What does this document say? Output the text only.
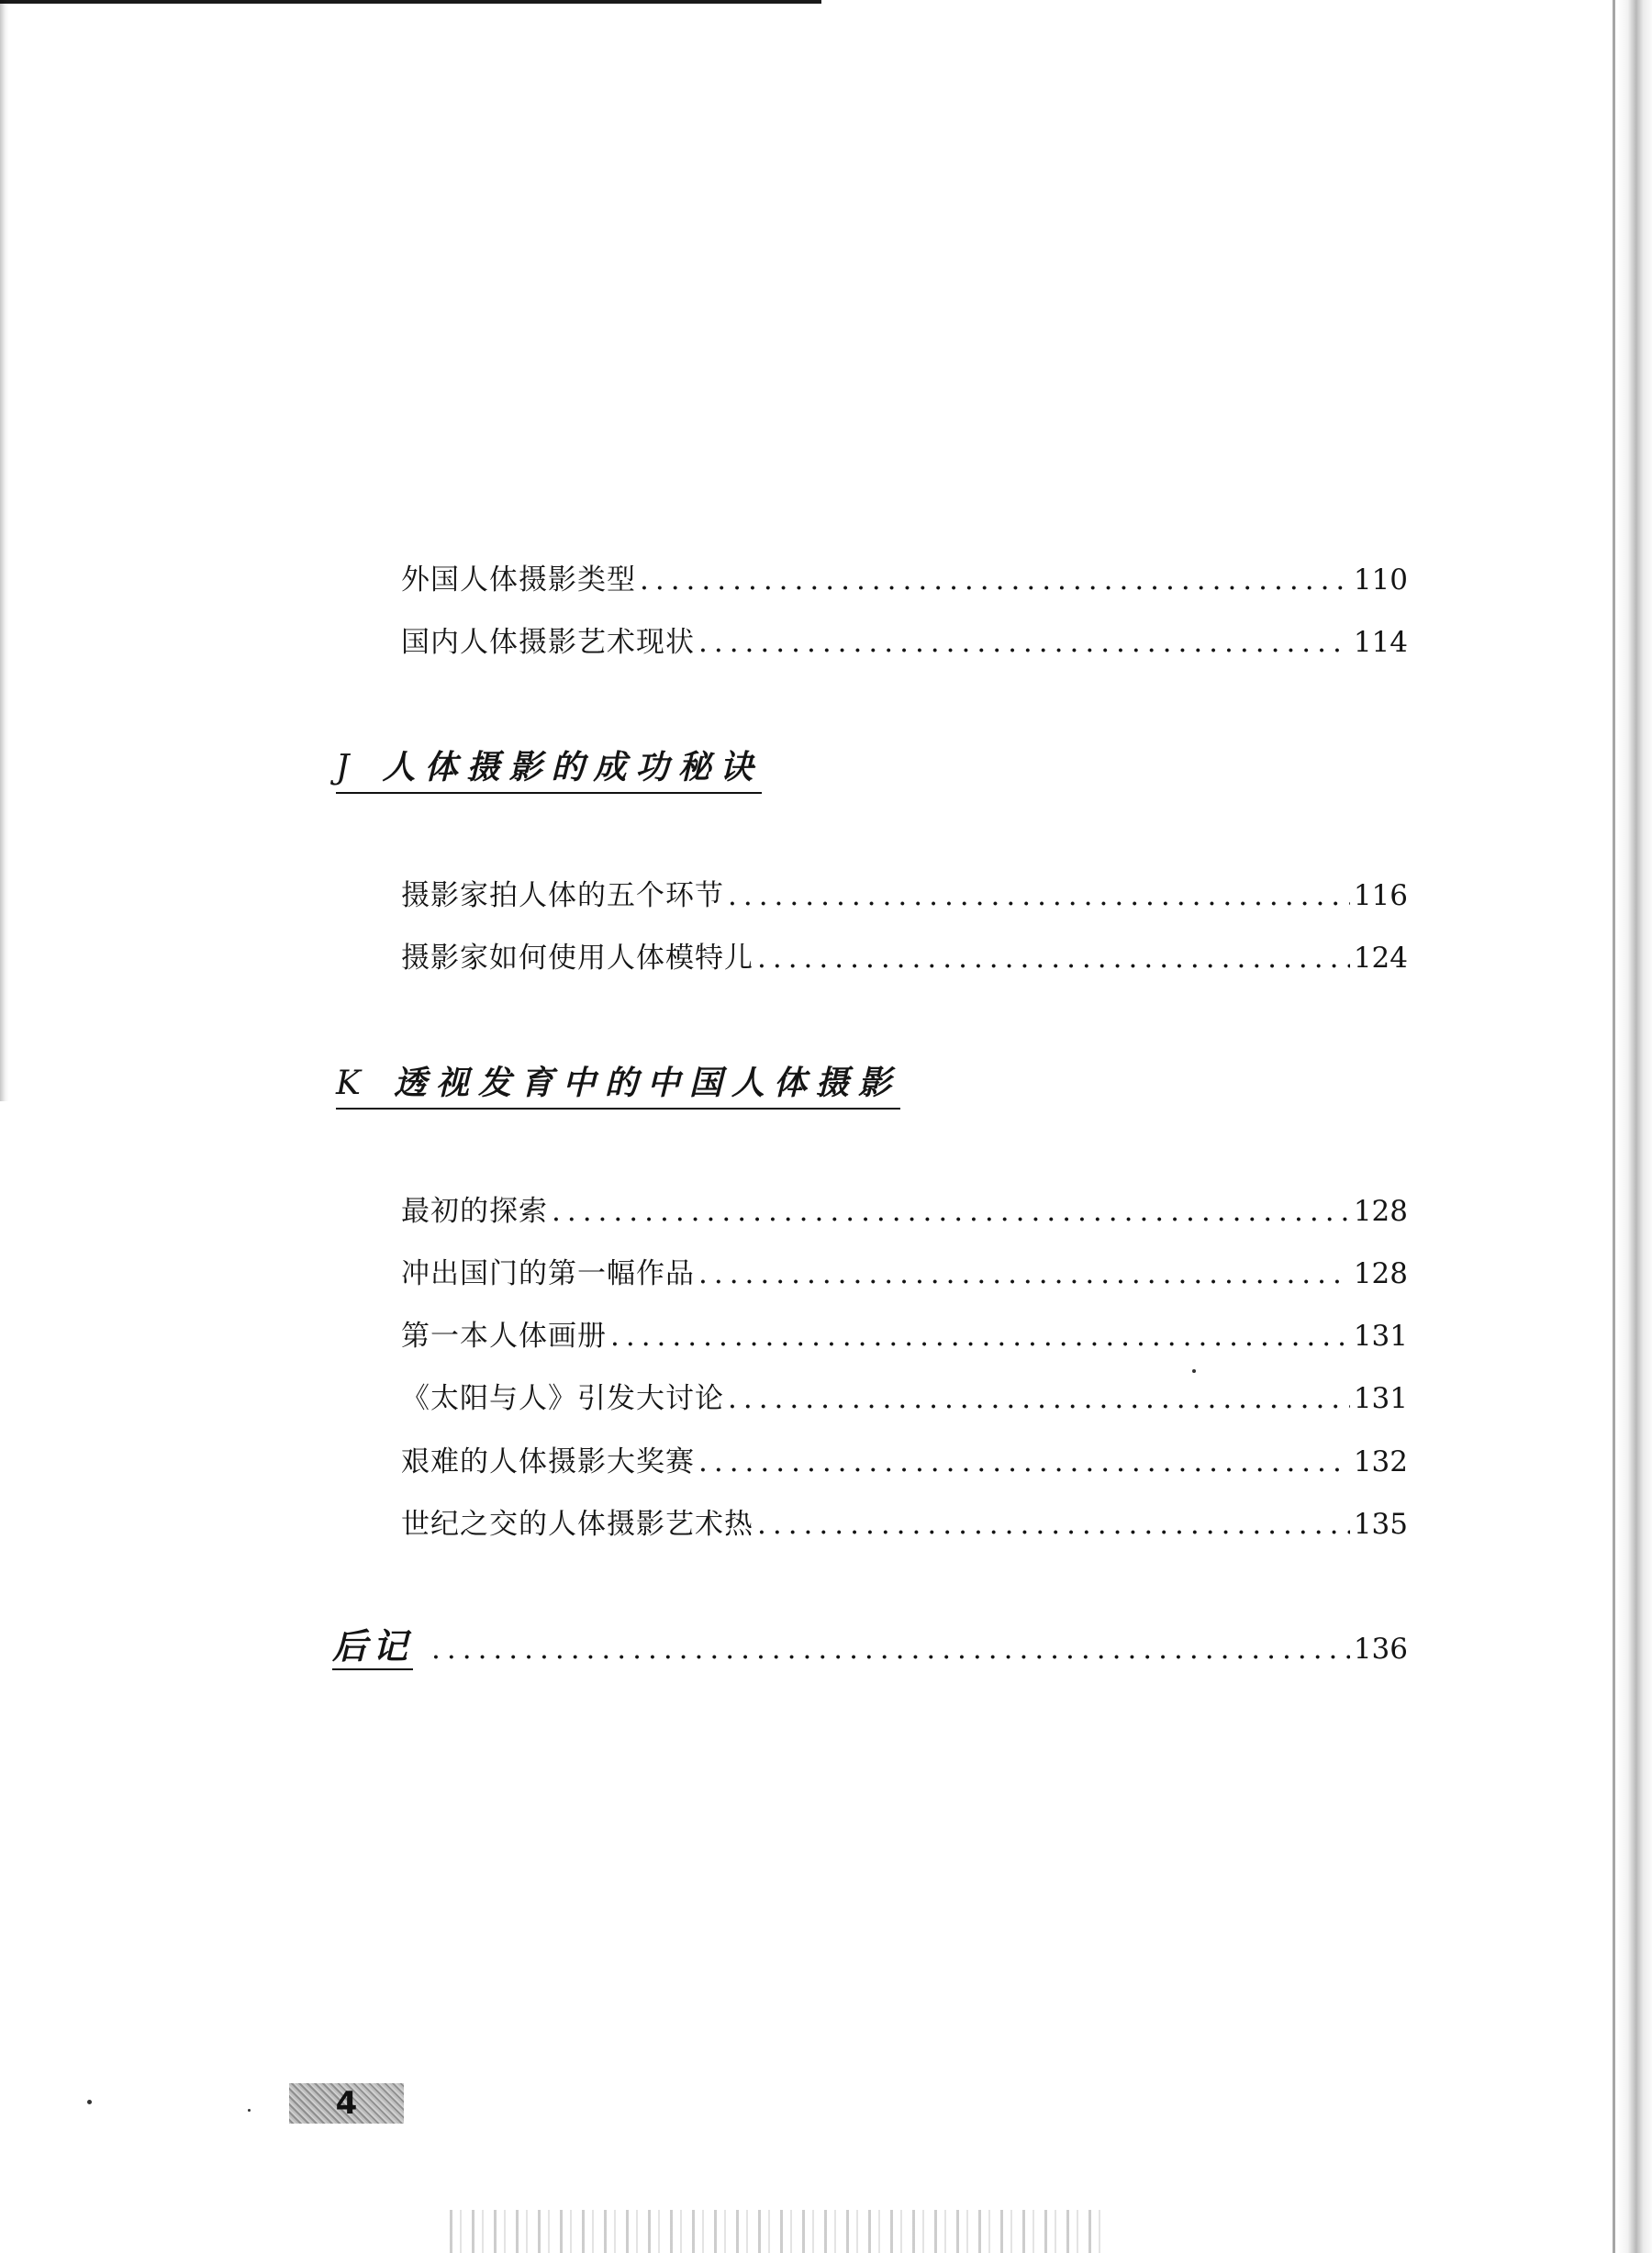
外国人体摄影类型 .....	110
国内人体摄影艺术现状 .....	114
J 人体摄影的成功秘诀
摄影家拍人体的五个环节 .....	116
摄影家如何使用人体模特儿 .....	124
K 透视发育中的中国人体摄影
最初的探索 .....	128
冲出国门的第一幅作品 .....	128
第一本人体画册 .....	131
《太阳与人》引发大讨论 .....	131
艰难的人体摄影大奖赛 .....	132
世纪之交的人体摄影艺术热 .....	135
后记 .....	136
4
